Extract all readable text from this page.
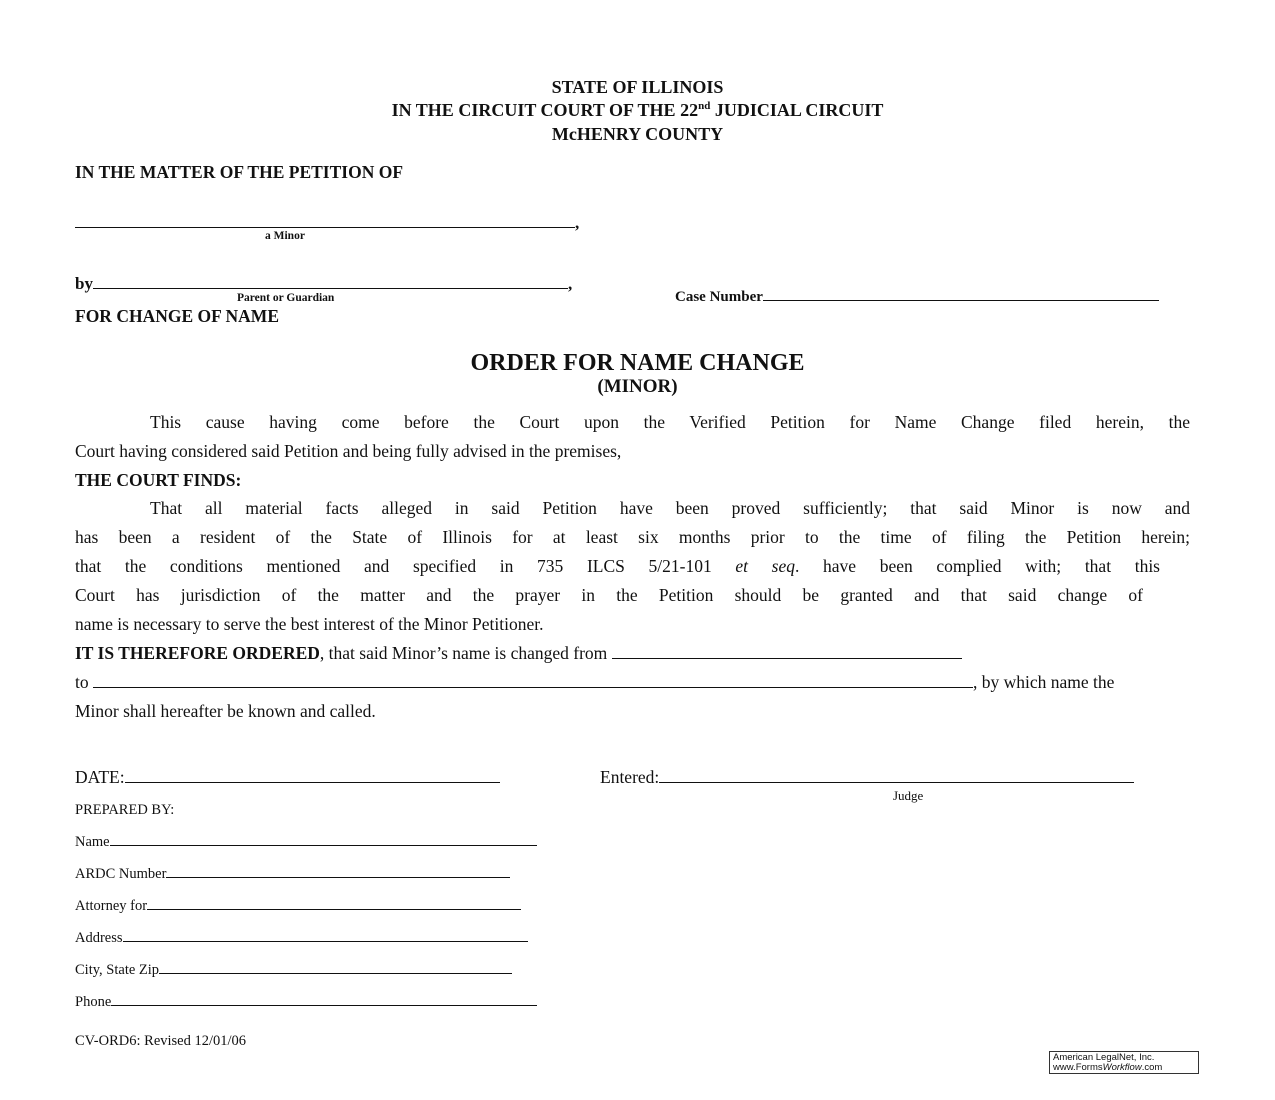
STATE OF ILLINOIS
IN THE CIRCUIT COURT OF THE 22nd JUDICIAL CIRCUIT
McHENRY COUNTY
IN THE MATTER OF THE PETITION OF
,
a Minor
by	,
Parent or Guardian	Case Number
FOR CHANGE OF NAME
ORDER FOR NAME CHANGE
(MINOR)
This cause having come before the Court upon the Verified Petition for Name Change filed herein, the
Court having considered said Petition and being fully advised in the premises,
THE COURT FINDS:
That all material facts alleged in said Petition have been proved sufficiently; that said Minor is now and
has been a resident of the State of Illinois for at least six months prior to the time of filing the Petition herein;
that the conditions mentioned and specified in 735 ILCS 5/21-101 et seq. have been complied with; that this
Court has jurisdiction of the matter and the prayer in the Petition should be granted and that said change of
name is necessary to serve the best interest of the Minor Petitioner.
IT IS THEREFORE ORDERED, that said Minor’s name is changed from
to	, by which name the
Minor shall hereafter be known and called.
DATE:	Entered:
Judge
PREPARED BY:
Name
ARDC Number
Attorney for
Address
City, State Zip
Phone
CV-ORD6: Revised 12/01/06
American LegalNet, Inc.
www.FormsWorkflow.com
